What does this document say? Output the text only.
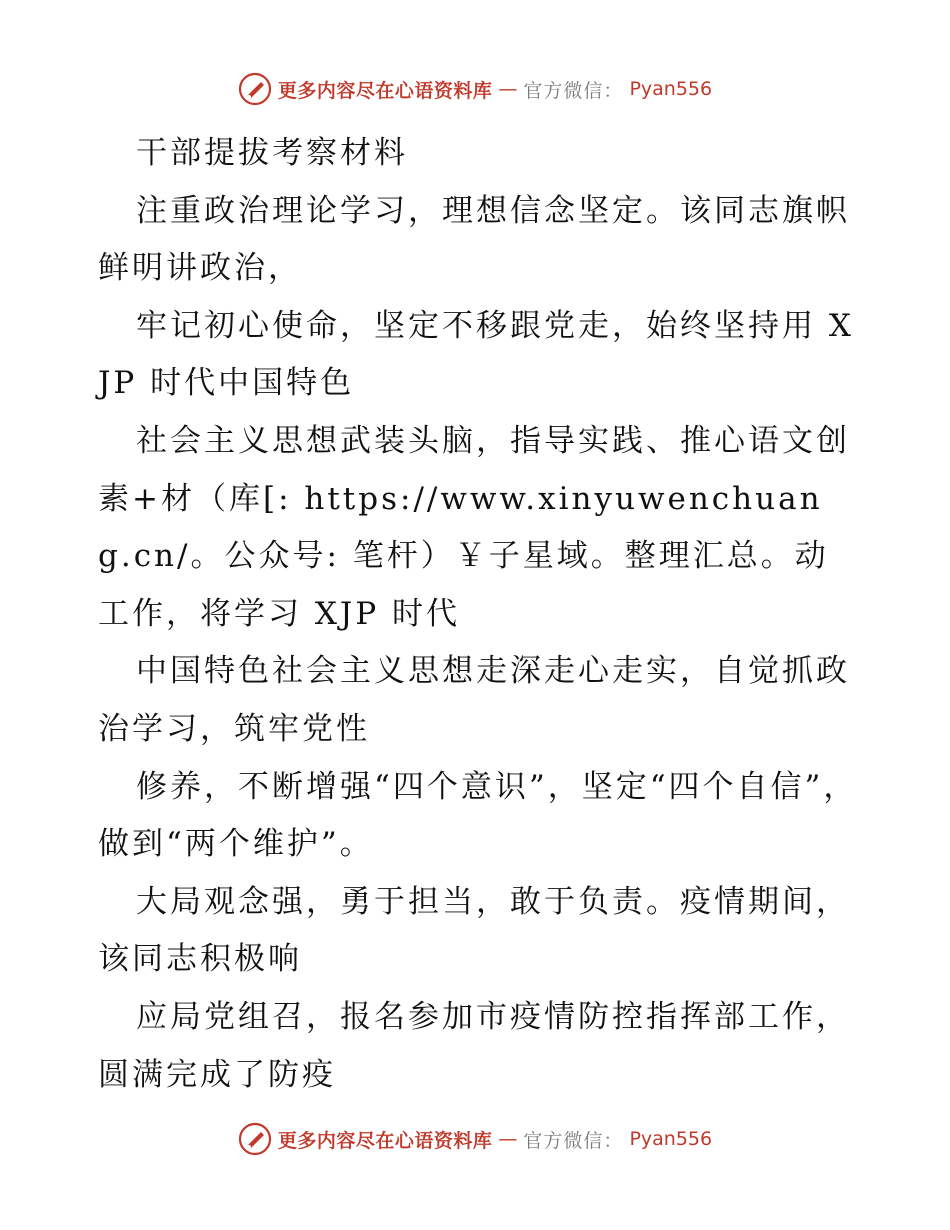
更多内容尽在心语资料库 — 官方微信： Pyan556

干部提拔考察材料

注重政治理论学习，理想信念坚定。该同志旗帜鲜明讲政治，

牢记初心使命，坚定不移跟党走，始终坚持用 XJP 时代中国特色

社会主义思想武装头脑，指导实践、推心语文创素+材（库[: https://www.xinyuwenchuang.cn/。公众号: 笔杆）￥子星域。整理汇总。动工作，将学习 XJP 时代

中国特色社会主义思想走深走心走实，自觉抓政治学习，筑牢党性

修养，不断增强“四个意识”，坚定“四个自信”，做到“两个维护”。

大局观念强，勇于担当，敢于负责。疫情期间，该同志积极响

应局党组召，报名参加市疫情防控指挥部工作，圆满完成了防疫

更多内容尽在心语资料库 — 官方微信： Pyan556
